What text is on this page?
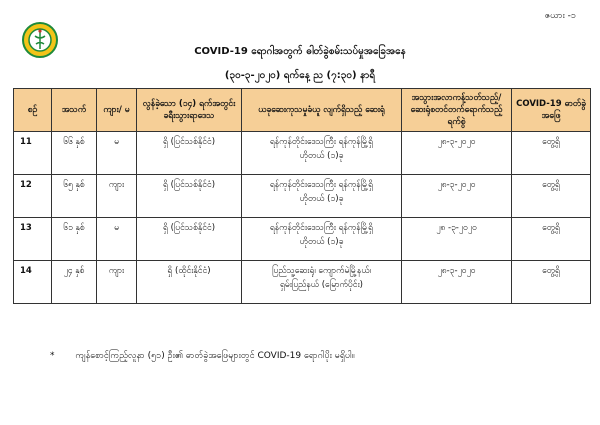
ဇယား -၁
COVID-19 ရောဂါအတွက် ဓါတ်ခွဲစမ်းသပ်မှုအခြေအနေ
(၃၀-၃-၂၀၂၀) ရက်နေ့ ည (၇:၃၀) နာရီ
စဉ်	အသက်	ကျား/ မ	လွန်ခဲ့သော (၁၄) ရက်အတွင်း ခရီးသွားရာဒေသ	ယခုဆေးကုသမှုခံယူ လျက်ရှိသည့် ဆေးရုံ	အသွားအလာကန့်သတ်သည့်/ ဆေးရုံစတင်တက်ရောက်သည့် ရက်စွဲ	COVID-19 ဓာတ်ခွဲ အဖြေ
11	၆၆ နှစ်	မ	ရှိ (ပြင်သစ်နိုင်ငံ)	ရန်ကုန်တိုင်းဒေသကြီး ရန်ကုန်မြို့ရှိ
ဟိုတယ် (၁)ခု	၂၈-၃-၂၀၂၀	တွေ့ရှိ
12	၆၅ နှစ်	ကျား	ရှိ (ပြင်သစ်နိုင်ငံ)	ရန်ကုန်တိုင်းဒေသကြီး ရန်ကုန်မြို့ရှိ
ဟိုတယ် (၁)ခု	၂၈-၃-၂၀၂၀	တွေ့ရှိ
13	၆၁ နှစ်	မ	ရှိ (ပြင်သစ်နိုင်ငံ)	ရန်ကုန်တိုင်းဒေသကြီး ရန်ကုန်မြို့ရှိ
ဟိုတယ် (၁)ခု	၂၈ -၃-၂၀၂၀	တွေ့ရှိ
14	၂၄ နှစ်	ကျား	ရှိ (ထိုင်းနိုင်ငံ)	ပြည်သူ့ဆေးရုံ၊ ကျောက်မဲမြို့နယ်၊
ရှမ်းပြည်နယ် (မြောက်ပိုင်း)	၂၈-၃-၂၀၂၀	တွေ့ရှိ
* ကျန်စောင့်ကြည့်လူနာ (၅၁) ဦး၏ ဓာတ်ခွဲအဖြေများတွင် COVID-19 ရောဂါပိုး မရှိပါ။
